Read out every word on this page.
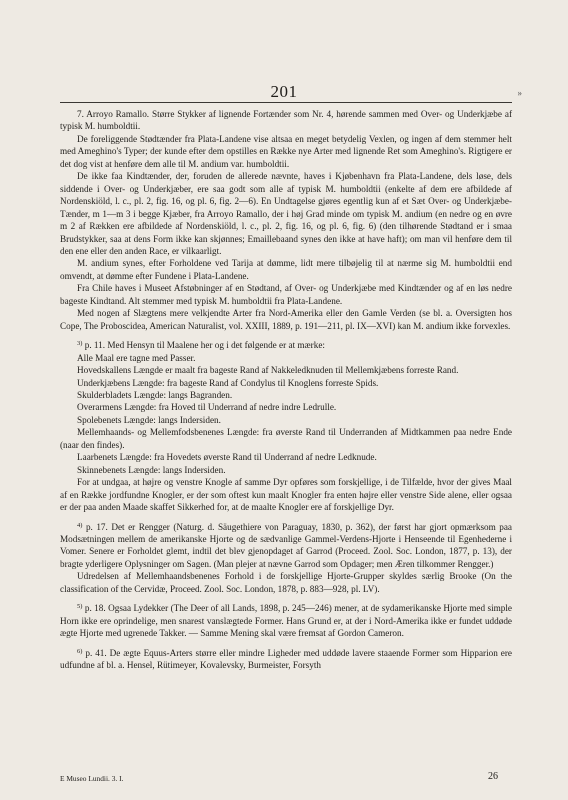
201	»

7. Arroyo Ramallo. Større Stykker af lignende Fortænder som Nr. 4, hørende sammen med Over- og Underkjæbe af typisk M. humboldtii.

De foreliggende Stødtænder fra Plata-Landene vise altsaa en meget betydelig Vexlen, og ingen af dem stemmer helt med Ameghino's Typer; der kunde efter dem opstilles en Række nye Arter med lignende Ret som Ameghino's. Rigtigere er det dog vist at henføre dem alle til M. andium var. humboldtii.

De ikke faa Kindtænder, der, foruden de allerede nævnte, haves i Kjøbenhavn fra Plata-Landene, dels løse, dels siddende i Over- og Underkjæber, ere saa godt som alle af typisk M. humboldtii (enkelte af dem ere afbildede af Nordenskiöld, l. c., pl. 2, fig. 16, og pl. 6, fig. 2—6). En Undtagelse gjøres egentlig kun af et Sæt Over- og Underkjæbe-Tænder, m 1—m 3 i begge Kjæber, fra Arroyo Ramallo, der i høj Grad minde om typisk M. andium (en nedre og en øvre m 2 af Rækken ere afbildede af Nordenskiöld, l. c., pl. 2, fig. 16, og pl. 6, fig. 6) (den tilhørende Stødtand er i smaa Brudstykker, saa at dens Form ikke kan skjønnes; Emaillebaand synes den ikke at have haft); om man vil henføre dem til den ene eller den anden Race, er vilkaarligt.

M. andium synes, efter Forholdene ved Tarija at dømme, lidt mere tilbøjelig til at nærme sig M. humboldtii end omvendt, at dømme efter Fundene i Plata-Landene.

Fra Chile haves i Museet Afstøbninger af en Stødtand, af Over- og Underkjæbe med Kindtænder og af en løs nedre bageste Kindtand. Alt stemmer med typisk M. humboldtii fra Plata-Landene.

Med nogen af Slægtens mere velkjendte Arter fra Nord-Amerika eller den Gamle Verden (se bl. a. Oversigten hos Cope, The Proboscidea, American Naturalist, vol. XXIII, 1889, p. 191—211, pl. IX—XVI) kan M. andium ikke forvexles.

$^{3)}$ p. 11. Med Hensyn til Maalene her og i det følgende er at mærke:

Alle Maal ere tagne med Passer.

Hovedskallens Længde er maalt fra bageste Rand af Nakkeledknuden til Mellemkjæbens forreste Rand.

Underkjæbens Længde: fra bageste Rand af Condylus til Knoglens forreste Spids.

Skulderbladets Længde: langs Bagranden.

Overarmens Længde: fra Hoved til Underrand af nedre indre Ledrulle.

Spolebenets Længde: langs Indersiden.

Mellemhaands- og Mellemfodsbenenes Længde: fra øverste Rand til Underranden af Midtkammen paa nedre Ende (naar den findes).

Laarbenets Længde: fra Hovedets øverste Rand til Underrand af nedre Ledknude.

Skinnebenets Længde: langs Indersiden.

For at undgaa, at højre og venstre Knogle af samme Dyr opføres som forskjellige, i de Tilfælde, hvor der gives Maal af en Række jordfundne Knogler, er der som oftest kun maalt Knogler fra enten højre eller venstre Side alene, eller ogsaa er der paa anden Maade skaffet Sikkerhed for, at de maalte Knogler ere af forskjellige Dyr.

$^{4)}$ p. 17. Det er Rengger (Naturg. d. Säugethiere von Paraguay, 1830, p. 362), der først har gjort opmærksom paa Modsætningen mellem de amerikanske Hjorte og de sædvanlige Gammel-Verdens-Hjorte i Henseende til Egenhederne i Vomer. Senere er Forholdet glemt, indtil det blev gjenopdaget af Garrod (Proceed. Zool. Soc. London, 1877, p. 13), der bragte yderligere Oplysninger om Sagen. (Man plejer at nævne Garrod som Opdager; men Æren tilkommer Rengger.)

Udredelsen af Mellemhaandsbenenes Forhold i de forskjellige Hjorte-Grupper skyldes særlig Brooke (On the classification of the Cervidæ, Proceed. Zool. Soc. London, 1878, p. 883—928, pl. LV).

$^{5)}$ p. 18. Ogsaa Lydekker (The Deer of all Lands, 1898, p. 245—246) mener, at de sydamerikanske Hjorte med simple Horn ikke ere oprindelige, men snarest vanslægtede Former. Hans Grund er, at der i Nord-Amerika ikke er fundet uddøde ægte Hjorte med ugrenede Takker. — Samme Mening skal være fremsat af Gordon Cameron.

$^{6)}$ p. 41. De ægte Equus-Arters større eller mindre Ligheder med uddøde lavere staaende Former som Hipparion ere udfundne af bl. a. Hensel, Rütimeyer, Kovalevsky, Burmeister, Forsyth

E Museo Lundii. 3. I.	26
